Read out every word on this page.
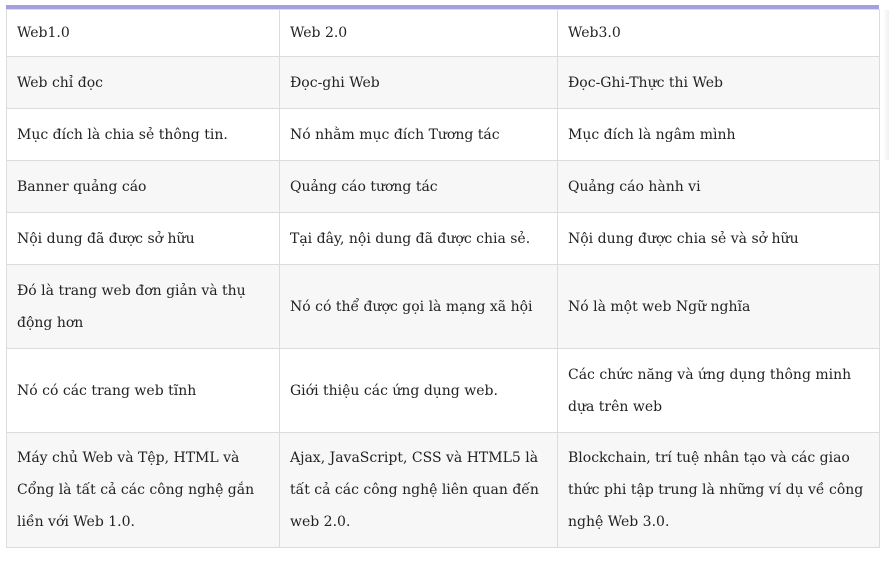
Web1.0	Web 2.0	Web3.0
Web chỉ đọc	Đọc-ghi Web	Đọc-Ghi-Thực thi Web
Mục đích là chia sẻ thông tin.	Nó nhằm mục đích Tương tác	Mục đích là ngâm mình
Banner quảng cáo	Quảng cáo tương tác	Quảng cáo hành vi
Nội dung đã được sở hữu	Tại đây, nội dung đã được chia sẻ.	Nội dung được chia sẻ và sở hữu
Đó là trang web đơn giản và thụ động hơn	Nó có thể được gọi là mạng xã hội	Nó là một web Ngữ nghĩa
Nó có các trang web tĩnh	Giới thiệu các ứng dụng web.	Các chức năng và ứng dụng thông minh dựa trên web
Máy chủ Web và Tệp, HTML và Cổng là tất cả các công nghệ gắn liền với Web 1.0.	Ajax, JavaScript, CSS và HTML5 là tất cả các công nghệ liên quan đến web 2.0.	Blockchain, trí tuệ nhân tạo và các giao thức phi tập trung là những ví dụ về công nghệ Web 3.0.
